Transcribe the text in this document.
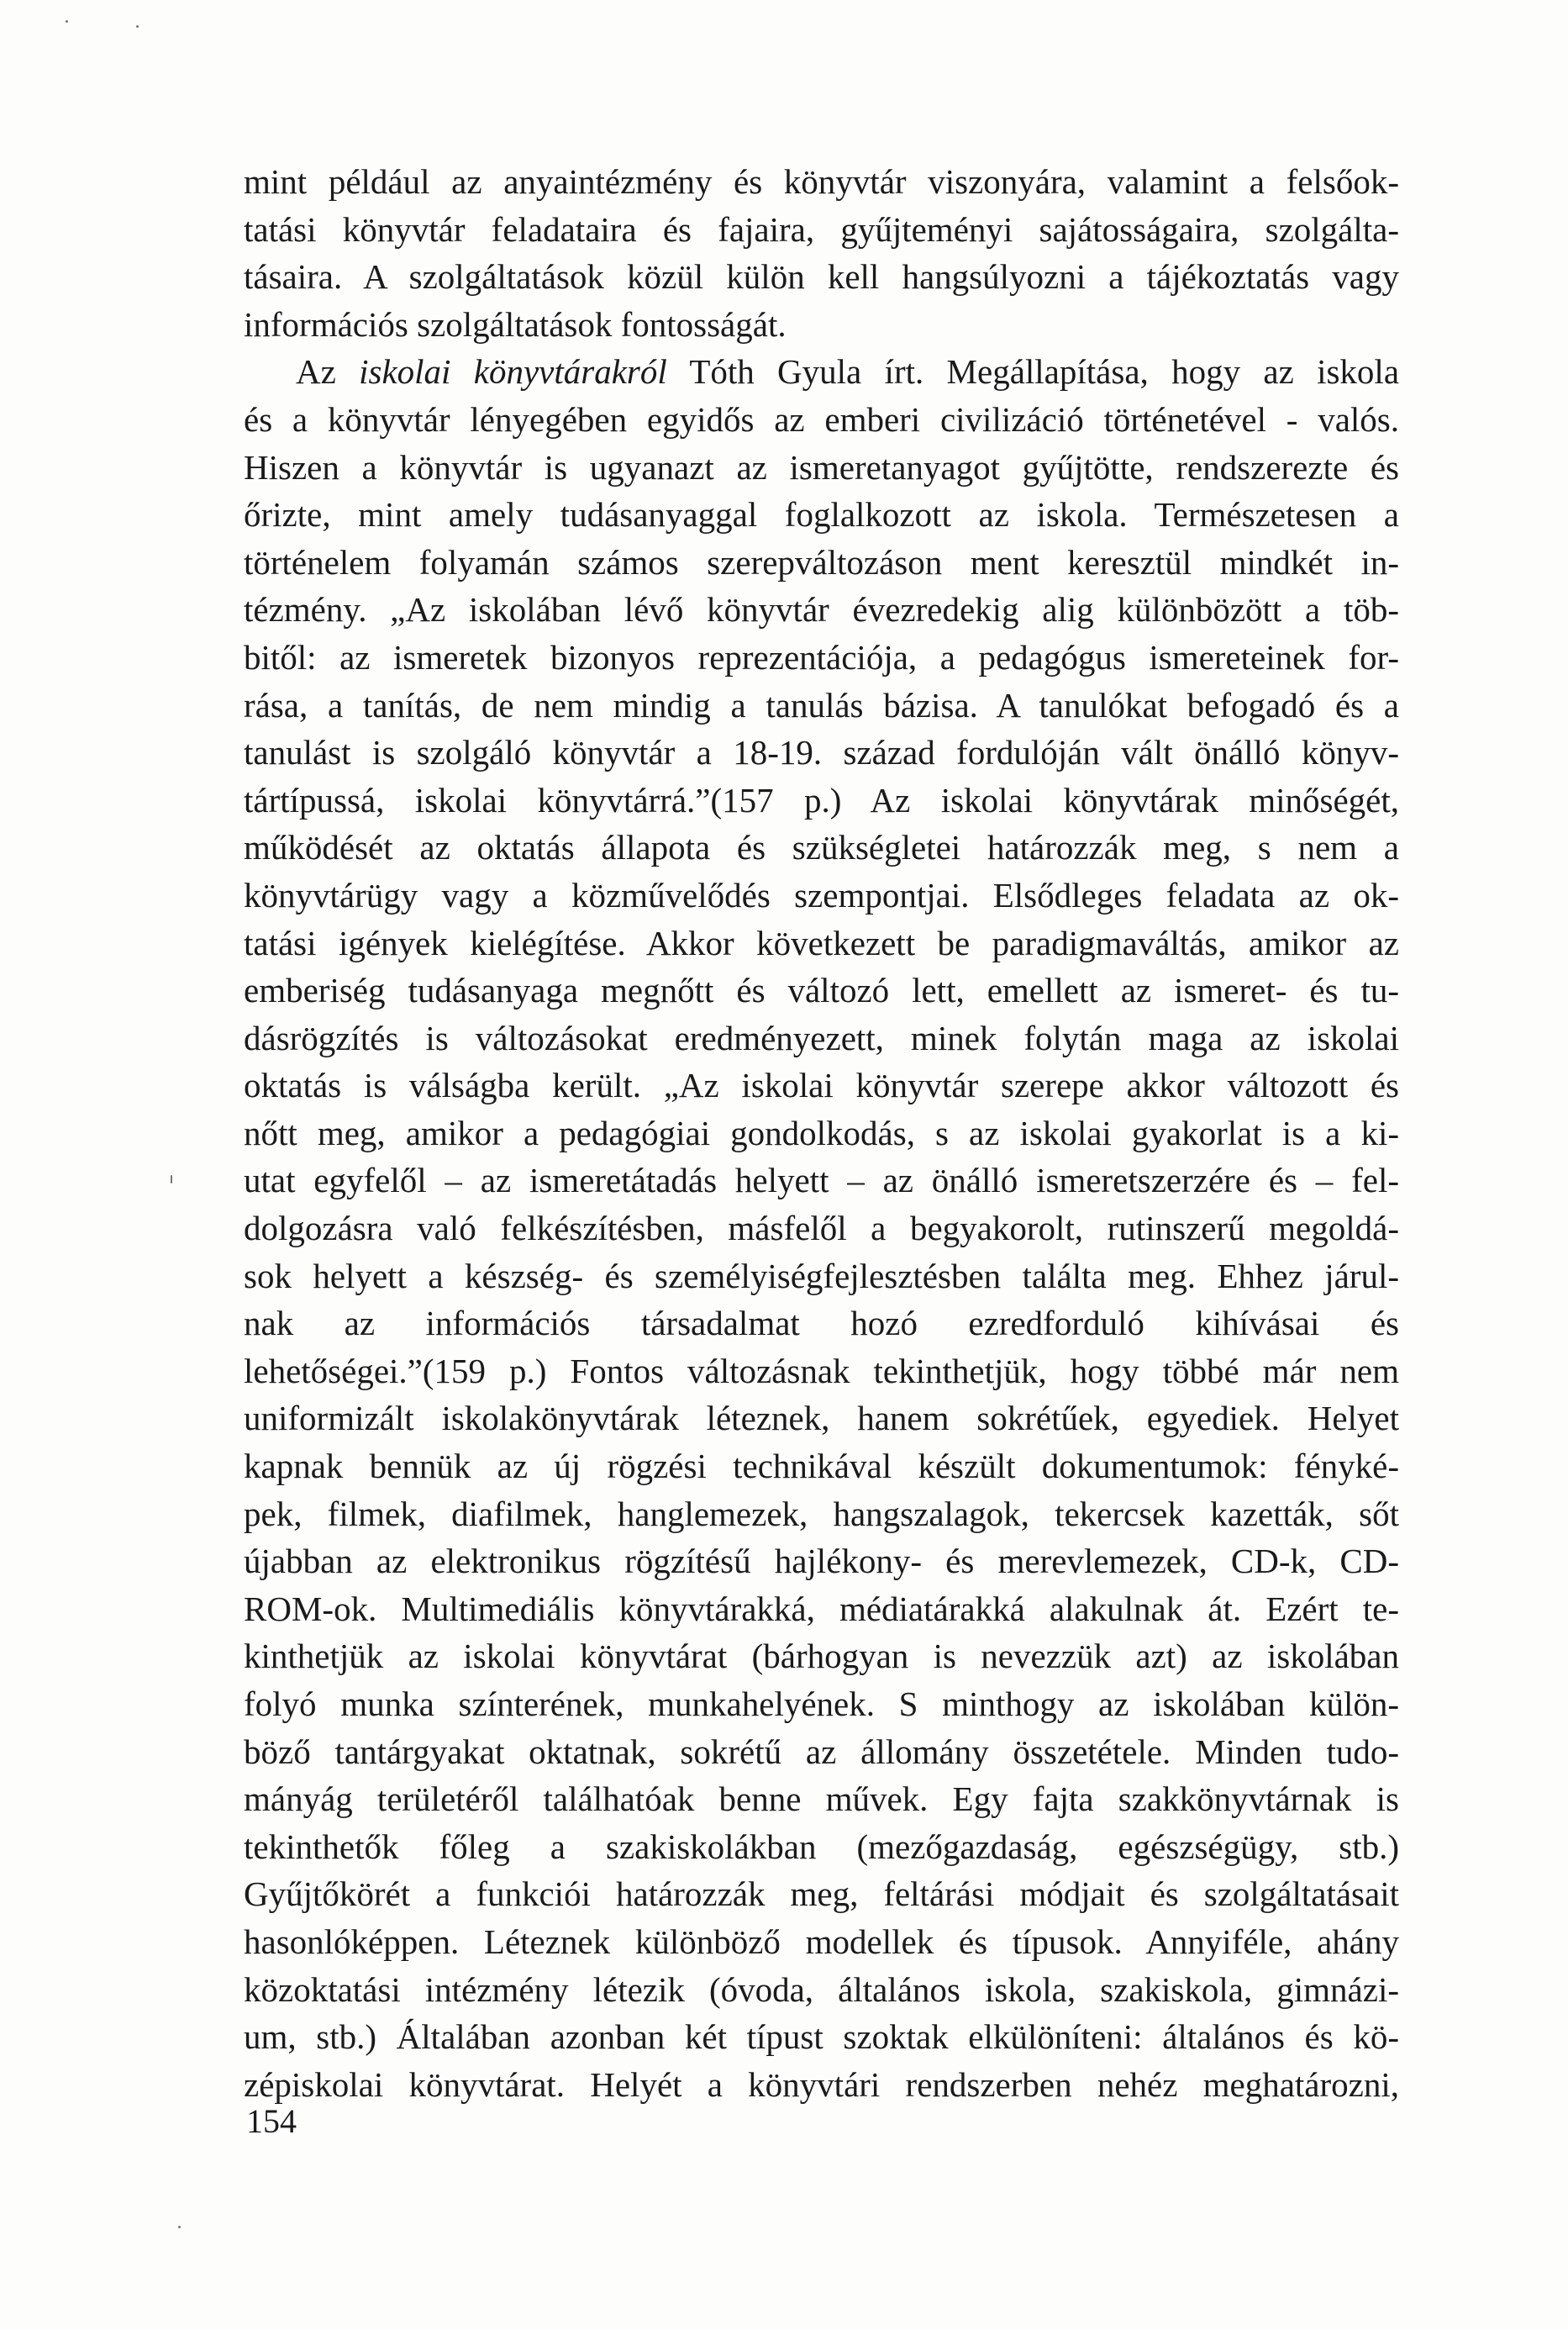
mint például az anyaintézmény és könyvtár viszonyára, valamint a felsőok-
tatási könyvtár feladataira és fajaira, gyűjteményi sajátosságaira, szolgálta-
tásaira. A szolgáltatások közül külön kell hangsúlyozni a tájékoztatás vagy
információs szolgáltatások fontosságát.
Az iskolai könyvtárakról Tóth Gyula írt. Megállapítása, hogy az iskola
és a könyvtár lényegében egyidős az emberi civilizáció történetével - valós.
Hiszen a könyvtár is ugyanazt az ismeretanyagot gyűjtötte, rendszerezte és
őrizte, mint amely tudásanyaggal foglalkozott az iskola. Természetesen a
történelem folyamán számos szerepváltozáson ment keresztül mindkét in-
tézmény. „Az iskolában lévő könyvtár évezredekig alig különbözött a töb-
bitől: az ismeretek bizonyos reprezentációja, a pedagógus ismereteinek for-
rása, a tanítás, de nem mindig a tanulás bázisa. A tanulókat befogadó és a
tanulást is szolgáló könyvtár a 18-19. század fordulóján vált önálló könyv-
tártípussá, iskolai könyvtárrá.”(157 p.) Az iskolai könyvtárak minőségét,
működését az oktatás állapota és szükségletei határozzák meg, s nem a
könyvtárügy vagy a közművelődés szempontjai. Elsődleges feladata az ok-
tatási igények kielégítése. Akkor következett be paradigmaváltás, amikor az
emberiség tudásanyaga megnőtt és változó lett, emellett az ismeret- és tu-
dásrögzítés is változásokat eredményezett, minek folytán maga az iskolai
oktatás is válságba került. „Az iskolai könyvtár szerepe akkor változott és
nőtt meg, amikor a pedagógiai gondolkodás, s az iskolai gyakorlat is a ki-
utat egyfelől – az ismeretátadás helyett – az önálló ismeretszerzére és – fel-
dolgozásra való felkészítésben, másfelől a begyakorolt, rutinszerű megoldá-
sok helyett a készség- és személyiségfejlesztésben találta meg. Ehhez járul-
nak az információs társadalmat hozó ezredforduló kihívásai és
lehetőségei.”(159 p.) Fontos változásnak tekinthetjük, hogy többé már nem
uniformizált iskolakönyvtárak léteznek, hanem sokrétűek, egyediek. Helyet
kapnak bennük az új rögzési technikával készült dokumentumok: fényké-
pek, filmek, diafilmek, hanglemezek, hangszalagok, tekercsek kazetták, sőt
újabban az elektronikus rögzítésű hajlékony- és merevlemezek, CD-k, CD-
ROM-ok. Multimediális könyvtárakká, médiatárakká alakulnak át. Ezért te-
kinthetjük az iskolai könyvtárat (bárhogyan is nevezzük azt) az iskolában
folyó munka színterének, munkahelyének. S minthogy az iskolában külön-
böző tantárgyakat oktatnak, sokrétű az állomány összetétele. Minden tudo-
mányág területéről találhatóak benne művek. Egy fajta szakkönyvtárnak is
tekinthetők főleg a szakiskolákban (mezőgazdaság, egészségügy, stb.)
Gyűjtőkörét a funkciói határozzák meg, feltárási módjait és szolgáltatásait
hasonlóképpen. Léteznek különböző modellek és típusok. Annyiféle, ahány
közoktatási intézmény létezik (óvoda, általános iskola, szakiskola, gimnázi-
um, stb.) Általában azonban két típust szoktak elkülöníteni: általános és kö-
zépiskolai könyvtárat. Helyét a könyvtári rendszerben nehéz meghatározni,
154
